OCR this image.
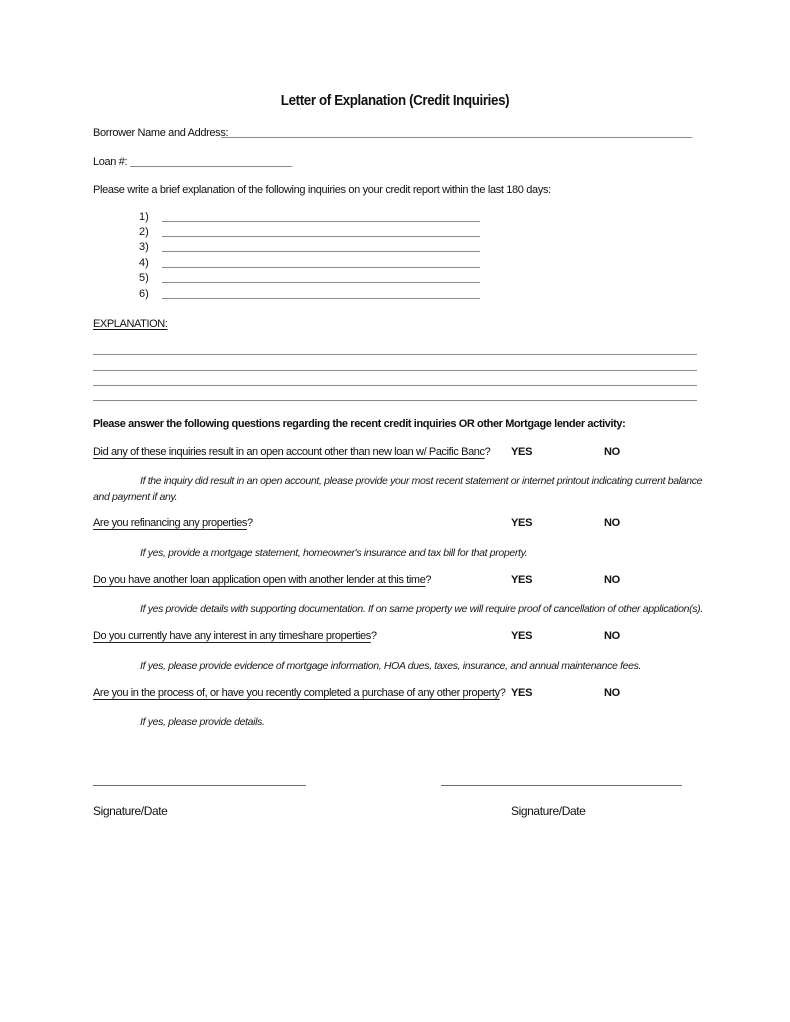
Letter of Explanation (Credit Inquiries)
Borrower Name and Address:
Loan #:
Please write a brief explanation of the following inquiries on your credit report within the last 180 days:
1)
2)
3)
4)
5)
6)
EXPLANATION:
Please answer the following questions regarding the recent credit inquiries OR other Mortgage lender activity:
Did any of these inquiries result in an open account other than new loan w/ Pacific Banc? YES	NO
If the inquiry did result in an open account, please provide your most recent statement or internet printout indicating current balance
and payment if any.
Are you refinancing any properties?	YES	NO
If yes, provide a mortgage statement, homeowner's insurance and tax bill for that property.
Do you have another loan application open with another lender at this time?	YES	NO
If yes provide details with supporting documentation. If on same property we will require proof of cancellation of other application(s).
Do you currently have any interest in any timeshare properties?	YES	NO
If yes, please provide evidence of mortgage information, HOA dues, taxes, insurance, and annual maintenance fees.
Are you in the process of, or have you recently completed a purchase of any other property? YES	NO
If yes, please provide details.
Signature/Date	Signature/Date
